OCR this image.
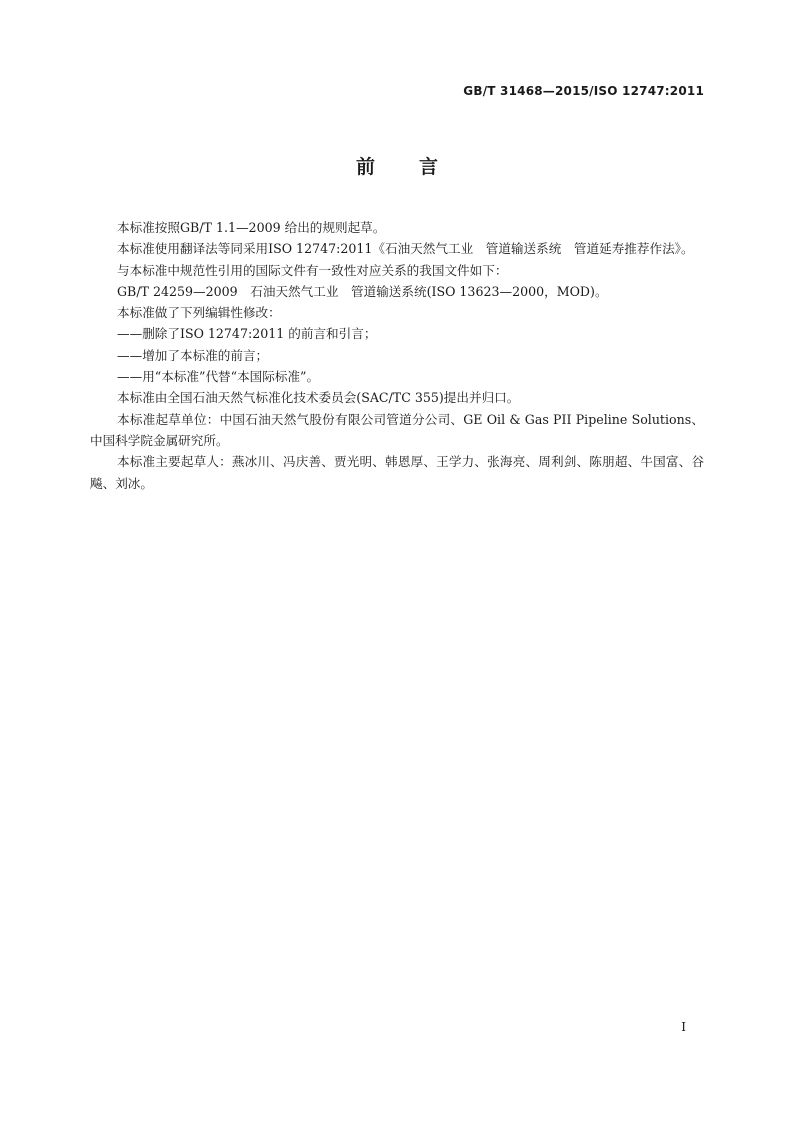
GB/T 31468—2015/ISO 12747:2011
前言

本标准按照GB/T 1.1—2009 给出的规则起草。

本标准使用翻译法等同采用ISO 12747:2011《石油天然气工业　管道输送系统　管道延寿推荐作法》。

与本标准中规范性引用的国际文件有一致性对应关系的我国文件如下：

GB/T 24259—2009　石油天然气工业　管道输送系统(ISO 13623—2000，MOD)。

本标准做了下列编辑性修改：

——删除了ISO 12747:2011 的前言和引言；

——增加了本标准的前言；

——用“本标准”代替“本国际标准”。

本标准由全国石油天然气标准化技术委员会(SAC/TC 355)提出并归口。

本标准起草单位：中国石油天然气股份有限公司管道分公司、GE Oil & Gas PII Pipeline Solutions、中国科学院金属研究所。

本标准主要起草人：燕冰川、冯庆善、贾光明、韩恩厚、王学力、张海亮、周利剑、陈朋超、牛国富、谷飚、刘冰。

I
